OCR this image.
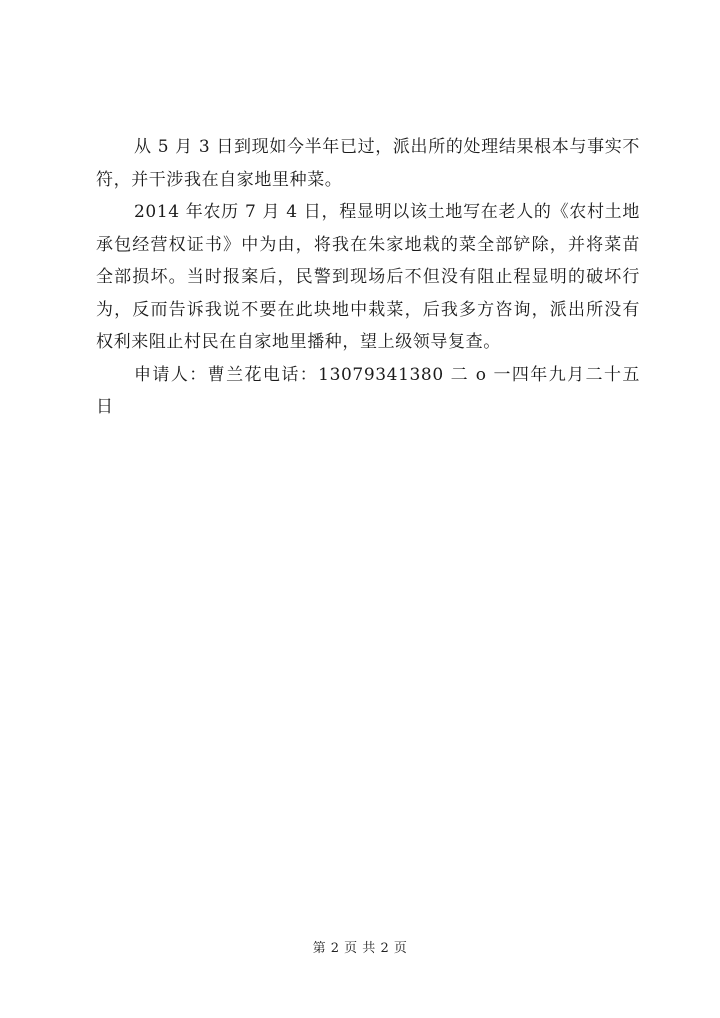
从 5 月 3 日到现如今半年已过，派出所的处理结果根本与事实不符，并干涉我在自家地里种菜。

2014 年农历 7 月 4 日，程显明以该土地写在老人的《农村土地承包经营权证书》中为由，将我在朱家地栽的菜全部铲除，并将菜苗全部损坏。当时报案后，民警到现场后不但没有阻止程显明的破坏行为，反而告诉我说不要在此块地中栽菜，后我多方咨询，派出所没有权利来阻止村民在自家地里播种，望上级领导复查。

申请人：曹兰花电话：13079341380 二 o 一四年九月二十五日

第 2 页 共 2 页
